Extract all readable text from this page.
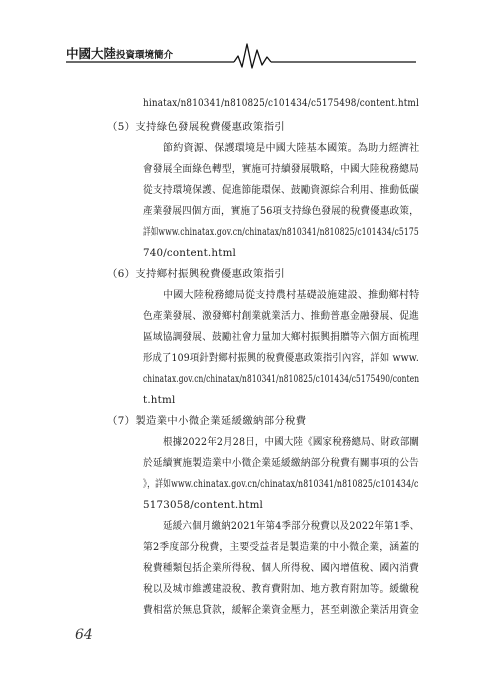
中國大陸投資環境簡介
hinatax/n810341/n810825/c101434/c5175498/content.html
（5）支持綠色發展稅費優惠政策指引
節約資源、保護環境是中國大陸基本國策。為助力經濟社
會發展全面綠色轉型，實施可持續發展戰略，中國大陸稅務總局
從支持環境保護、促進節能環保、鼓勵資源綜合利用、推動低碳
產業發展四個方面，實施了56項支持綠色發展的稅費優惠政策，
詳如www.chinatax.gov.cn/chinatax/n810341/n810825/c101434/c5175
740/content.html
（6）支持鄉村振興稅費優惠政策指引
中國大陸稅務總局從支持農村基礎設施建設、推動鄉村特
色產業發展、激發鄉村創業就業活力、推動普惠金融發展、促進
區域協調發展、鼓勵社會力量加大鄉村振興捐贈等六個方面梳理
形成了109項針對鄉村振興的稅費優惠政策指引內容，詳如 www.
chinatax.gov.cn/chinatax/n810341/n810825/c101434/c5175490/conten
t.html
（7）製造業中小微企業延緩繳納部分稅費
根據2022年2月28日，中國大陸《國家稅務總局、財政部關
於延續實施製造業中小微企業延緩繳納部分稅費有關事項的公告
》，詳如www.chinatax.gov.cn/chinatax/n810341/n810825/c101434/c
5173058/content.html
延緩六個月繳納2021年第4季部分稅費以及2022年第1季、
第2季度部分稅費，主要受益者是製造業的中小微企業，涵蓋的
稅費種類包括企業所得稅、個人所得稅、國內增值稅、國內消費
稅以及城市維護建設稅、教育費附加、地方教育附加等。緩繳稅
費相當於無息貸款，緩解企業資金壓力，甚至刺激企業活用資金
64
